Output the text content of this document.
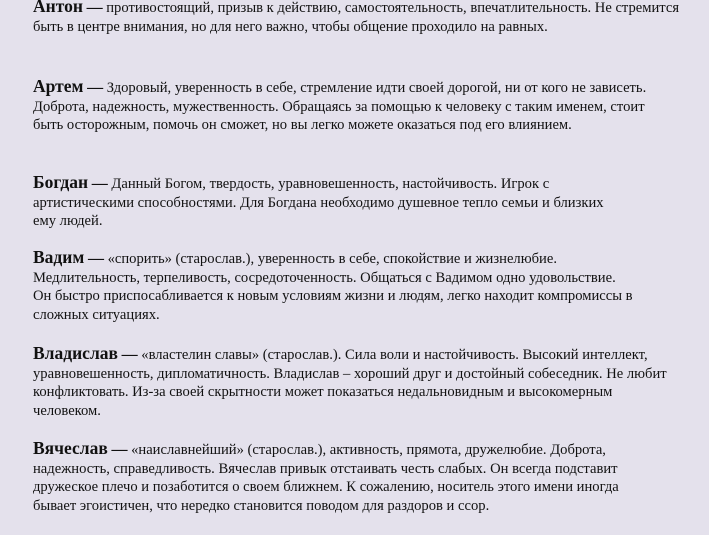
Антон — противостоящий, призыв к действию, самостоятельность, впечатлительность. Не стремится быть в центре внимания, но для него важно, чтобы общение проходило на равных.

Артем — Здоровый, уверенность в себе, стремление идти своей дорогой, ни от кого не зависеть. Доброта, надежность, мужественность. Обращаясь за помощью к человеку с таким именем, стоит быть осторожным, помочь он сможет, но вы легко можете оказаться под его влиянием.

Богдан — Данный Богом, твердость, уравновешенность, настойчивость. Игрок с артистическими способностями. Для Богдана необходимо душевное тепло семьи и близких ему людей.

Вадим — «спорить» (старослав.), уверенность в себе, спокойствие и жизнелюбие. Медлительность, терпеливость, сосредоточенность. Общаться с Вадимом одно удовольствие. Он быстро приспосабливается к новым условиям жизни и людям, легко находит компромиссы в сложных ситуациях.

Владислав — «властелин славы» (старослав.). Сила воли и настойчивость. Высокий интеллект, уравновешенность, дипломатичность. Владислав – хороший друг и достойный собеседник. Не любит конфликтовать. Из-за своей скрытности может показаться недальновидным и высокомерным человеком.

Вячеслав — «наиславнейший» (старослав.), активность, прямота, дружелюбие. Доброта, надежность, справедливость. Вячеслав привык отстаивать честь слабых. Он всегда подставит дружеское плечо и позаботится о своем ближнем. К сожалению, носитель этого имени иногда бывает эгоистичен, что нередко становится поводом для раздоров и ссор.
